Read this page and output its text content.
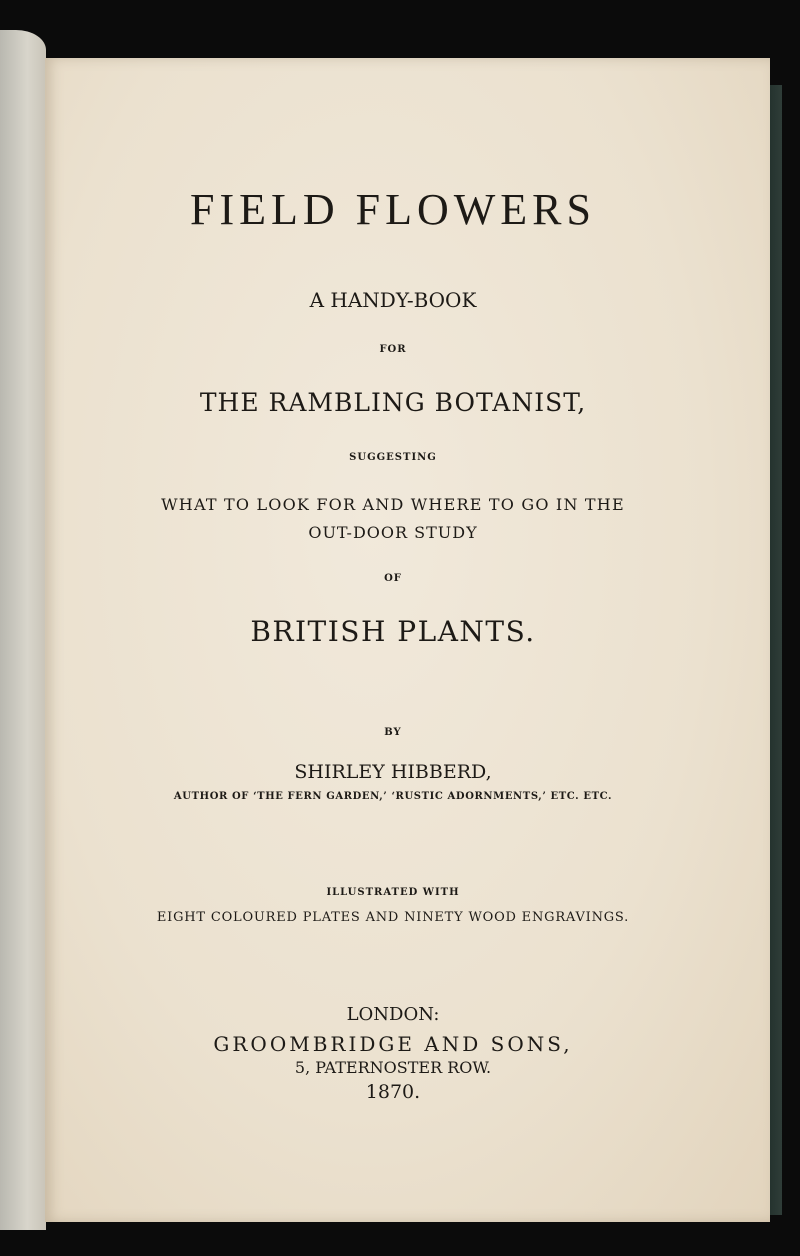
FIELD FLOWERS
A HANDY-BOOK
FOR
THE RAMBLING BOTANIST,
SUGGESTING
WHAT TO LOOK FOR AND WHERE TO GO IN THE
OUT-DOOR STUDY
OF
BRITISH PLANTS.
BY
SHIRLEY HIBBERD,
AUTHOR OF ‘THE FERN GARDEN,’ ‘RUSTIC ADORNMENTS,’ ETC. ETC.
ILLUSTRATED WITH
EIGHT COLOURED PLATES AND NINETY WOOD ENGRAVINGS.
LONDON:
GROOMBRIDGE AND SONS,
5, PATERNOSTER ROW.
1870.
